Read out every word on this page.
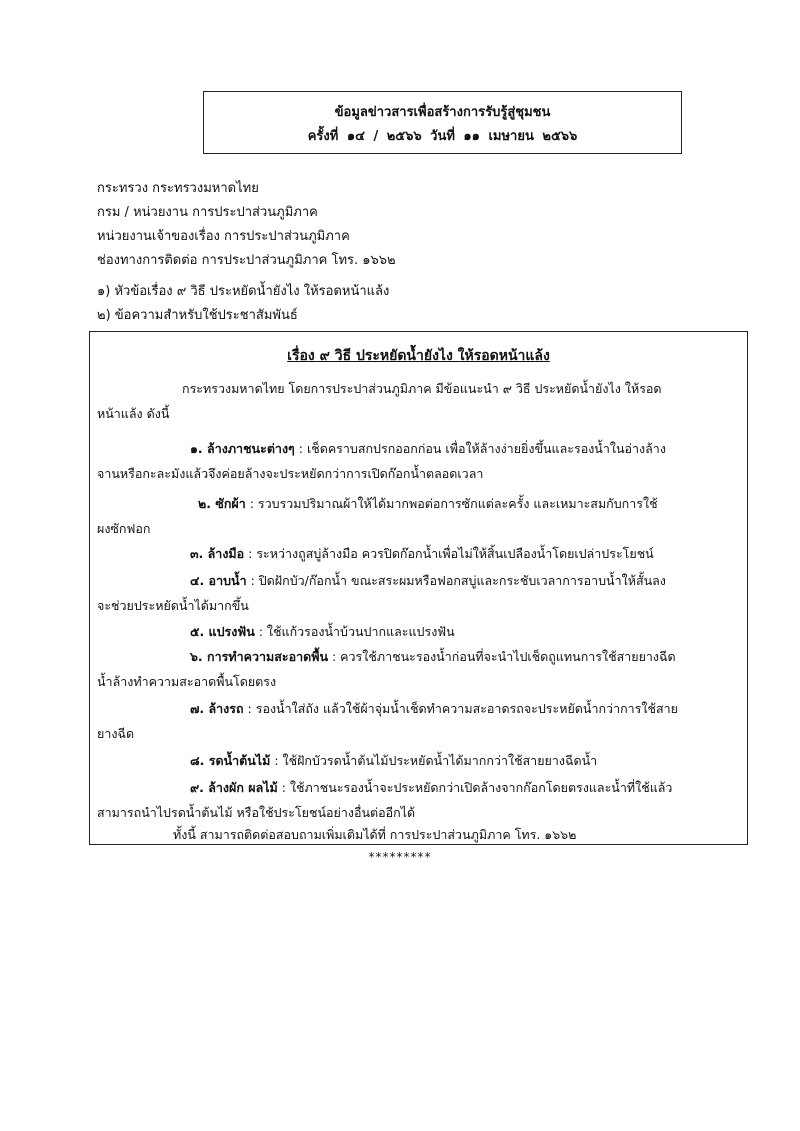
ข้อมูลข่าวสารเพื่อสร้างการรับรู้สู่ชุมชน
ครั้งที่ ๑๔ / ๒๕๖๖ วันที่ ๑๑ เมษายน ๒๕๖๖
กระทรวง กระทรวงมหาดไทย
กรม / หน่วยงาน การประปาส่วนภูมิภาค
หน่วยงานเจ้าของเรื่อง การประปาส่วนภูมิภาค
ช่องทางการติดต่อ การประปาส่วนภูมิภาค โทร. ๑๖๖๒
๑) หัวข้อเรื่อง ๙ วิธี ประหยัดน้ำยังไง ให้รอดหน้าแล้ง
๒) ข้อความสำหรับใช้ประชาสัมพันธ์
เรื่อง ๙ วิธี ประหยัดน้ำยังไง ให้รอดหน้าแล้ง
กระทรวงมหาดไทย โดยการประปาส่วนภูมิภาค มีข้อแนะนำ ๙ วิธี ประหยัดน้ำยังไง ให้รอด
หน้าแล้ง ดังนี้
๑. ล้างภาชนะต่างๆ : เช็ดคราบสกปรกออกก่อน เพื่อให้ล้างง่ายยิ่งขึ้นและรองน้ำในอ่างล้าง
จานหรือกะละมังแล้วจึงค่อยล้างจะประหยัดกว่าการเปิดก๊อกน้ำตลอดเวลา
๒. ซักผ้า : รวบรวมปริมาณผ้าให้ได้มากพอต่อการซักแต่ละครั้ง และเหมาะสมกับการใช้
ผงซักฟอก
๓. ล้างมือ : ระหว่างถูสบู่ล้างมือ ควรปิดก๊อกน้ำเพื่อไม่ให้สิ้นเปลืองน้ำโดยเปล่าประโยชน์
๔. อาบน้ำ : ปิดฝักบัว/ก๊อกน้ำ ขณะสระผมหรือฟอกสบู่และกระชับเวลาการอาบน้ำให้สั้นลง
จะช่วยประหยัดน้ำได้มากขึ้น
๕. แปรงฟัน : ใช้แก้วรองน้ำบ้วนปากและแปรงฟัน
๖. การทำความสะอาดพื้น : ควรใช้ภาชนะรองน้ำก่อนที่จะนำไปเช็ดถูแทนการใช้สายยางฉีด
น้ำล้างทำความสะอาดพื้นโดยตรง
๗. ล้างรถ : รองน้ำใส่ถัง แล้วใช้ผ้าจุ่มน้ำเช็ดทำความสะอาดรถจะประหยัดน้ำกว่าการใช้สาย
ยางฉีด
๘. รดน้ำต้นไม้ : ใช้ฝักบัวรดน้ำต้นไม้ประหยัดน้ำได้มากกว่าใช้สายยางฉีดน้ำ
๙. ล้างผัก ผลไม้ : ใช้ภาชนะรองน้ำจะประหยัดกว่าเปิดล้างจากก๊อกโดยตรงและน้ำที่ใช้แล้ว
สามารถนำไปรดน้ำต้นไม้ หรือใช้ประโยชน์อย่างอื่นต่ออีกได้
ทั้งนี้ สามารถติดต่อสอบถามเพิ่มเติมได้ที่ การประปาส่วนภูมิภาค โทร. ๑๖๖๒
*********
